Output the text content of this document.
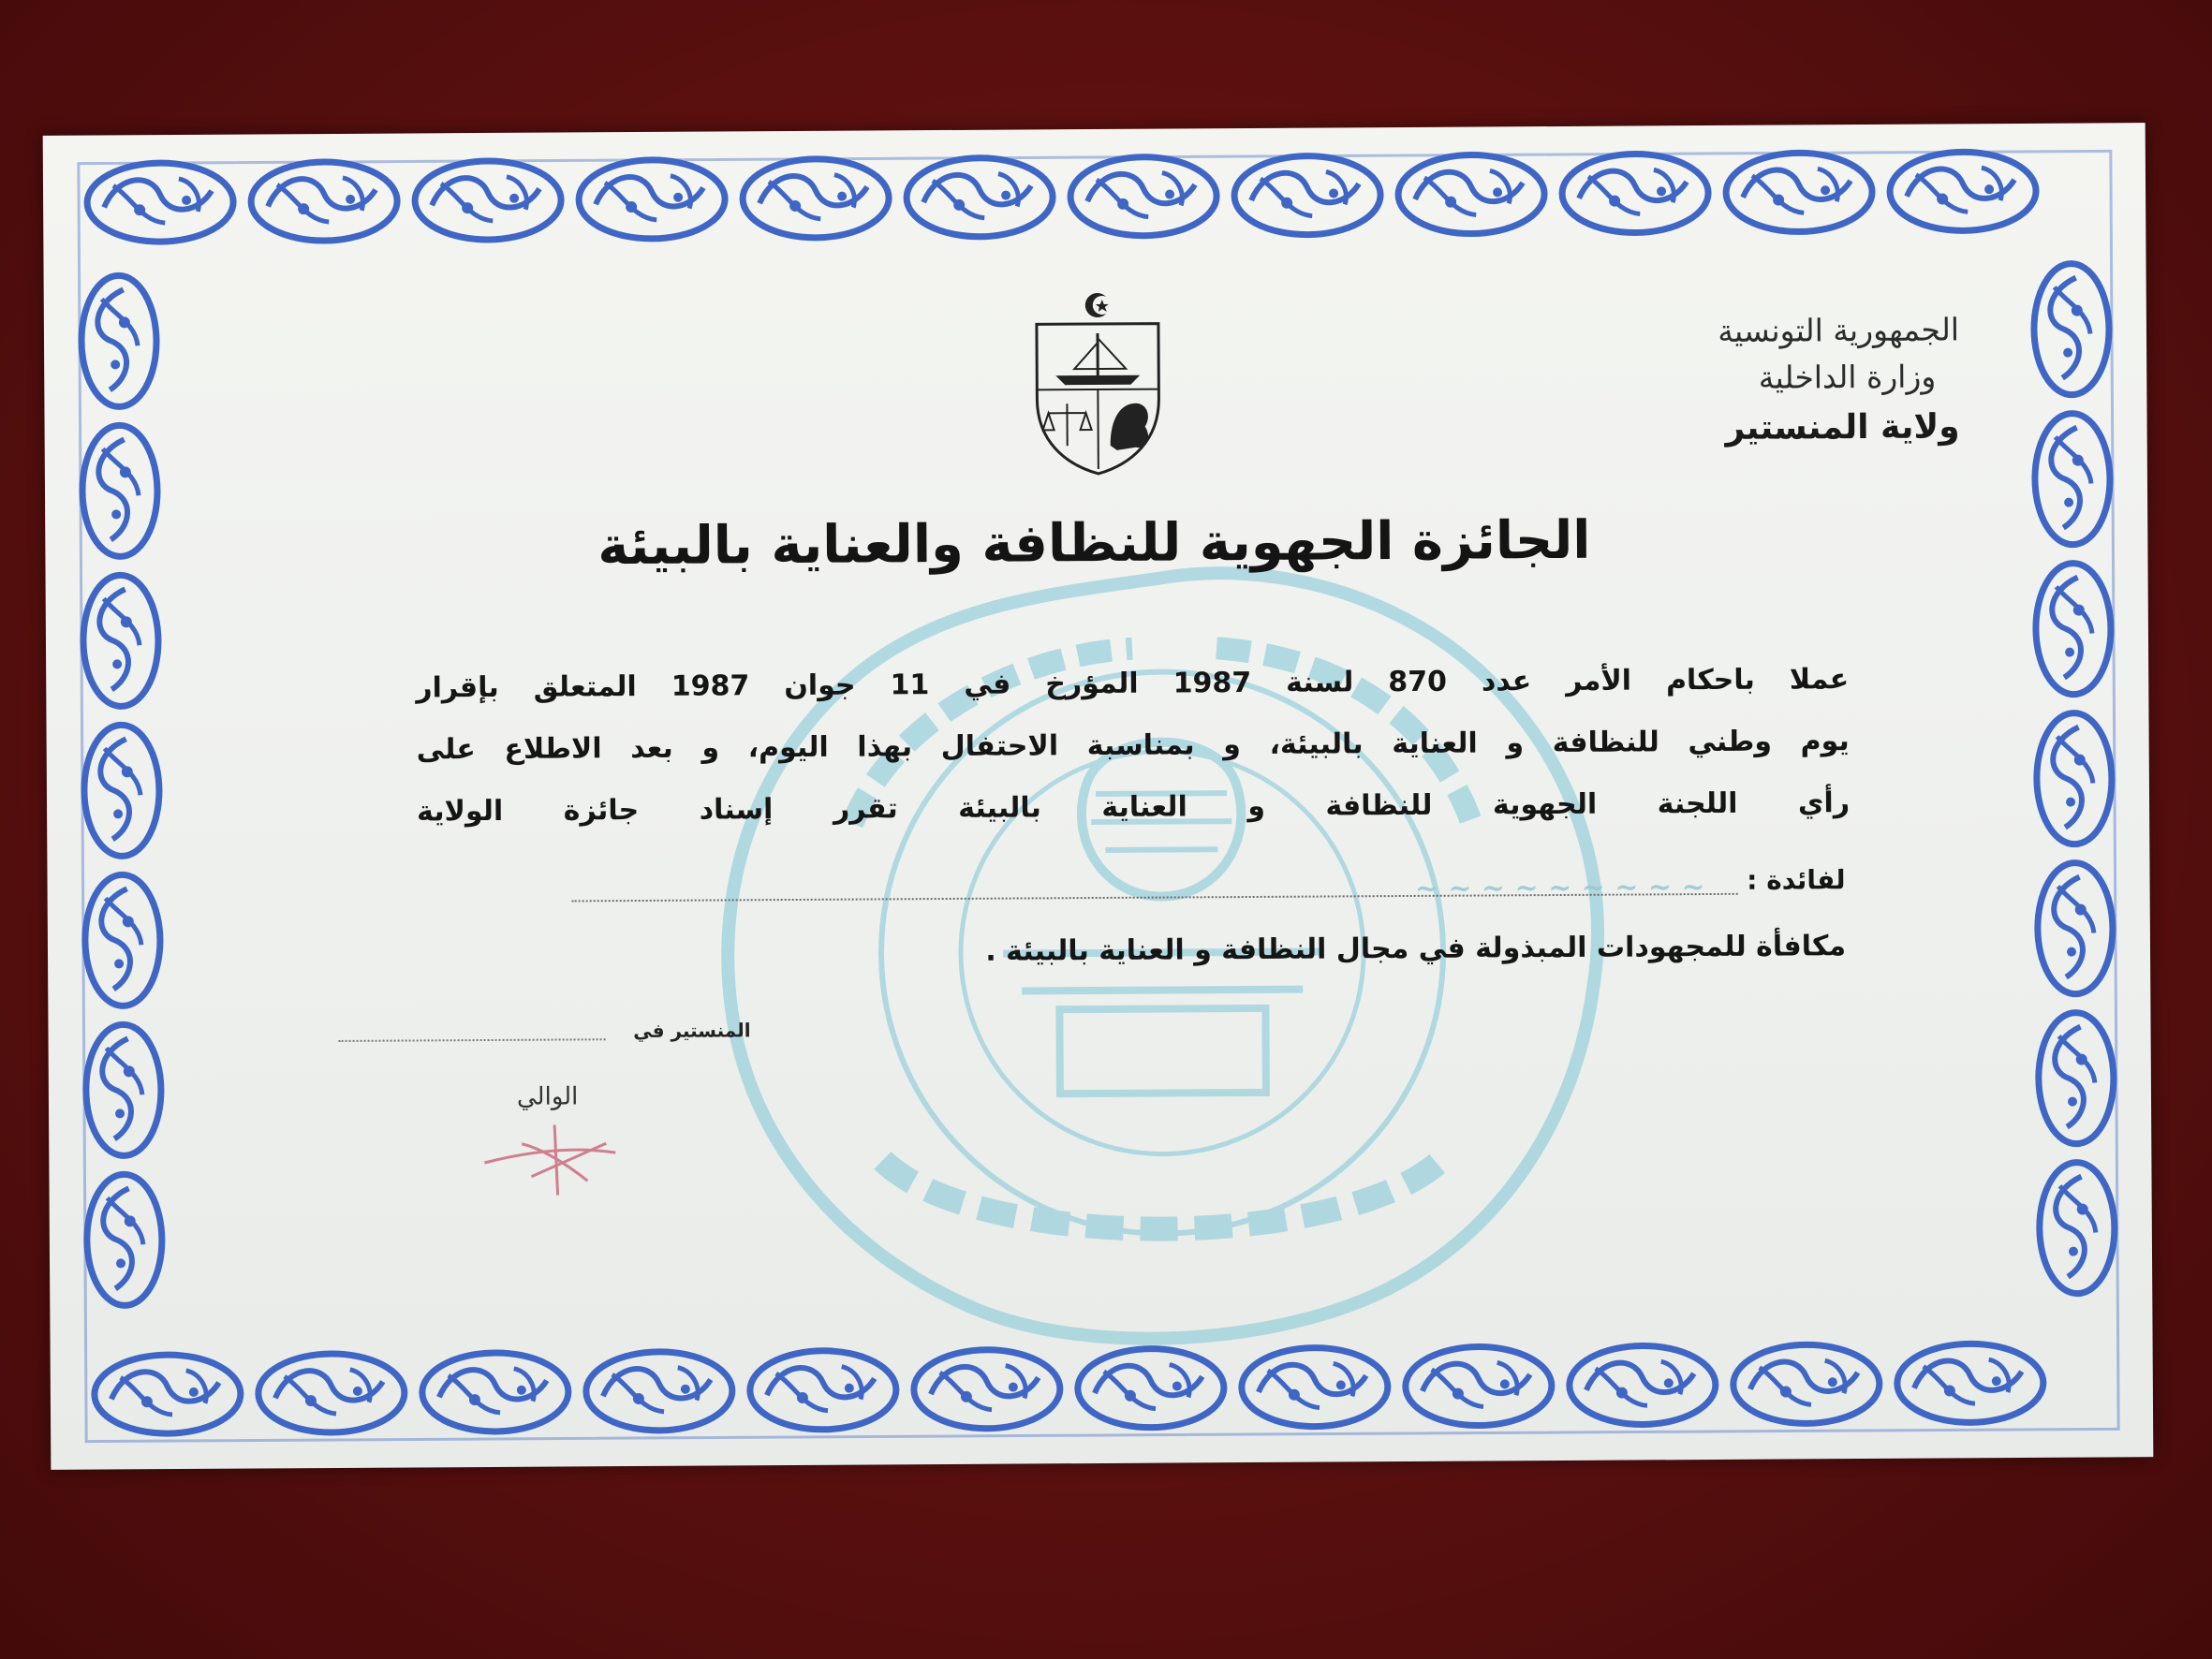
الجمهورية التونسية

وزارة الداخلية

ولاية المنستير

الجائزة الجهوية للنظافة والعناية بالبيئة

عملا باحكام الأمر عدد 870 لسنة 1987 المؤرخ في 11 جوان 1987 المتعلق بإقرار

يوم وطني للنظافة و العناية بالبيئة، و بمناسبة الاحتفال بهذا اليوم، و بعد الاطلاع على

رأي اللجنة الجهوية للنظافة و العناية بالبيئة تقرر إسناد جائزة الولاية

لفائدة :
~ ~ ~ ~ ~ ~ ~ ~ ~
مكافأة للمجهودات المبذولة في مجال النظافة و العناية بالبيئة .
المنستير في
الوالي
